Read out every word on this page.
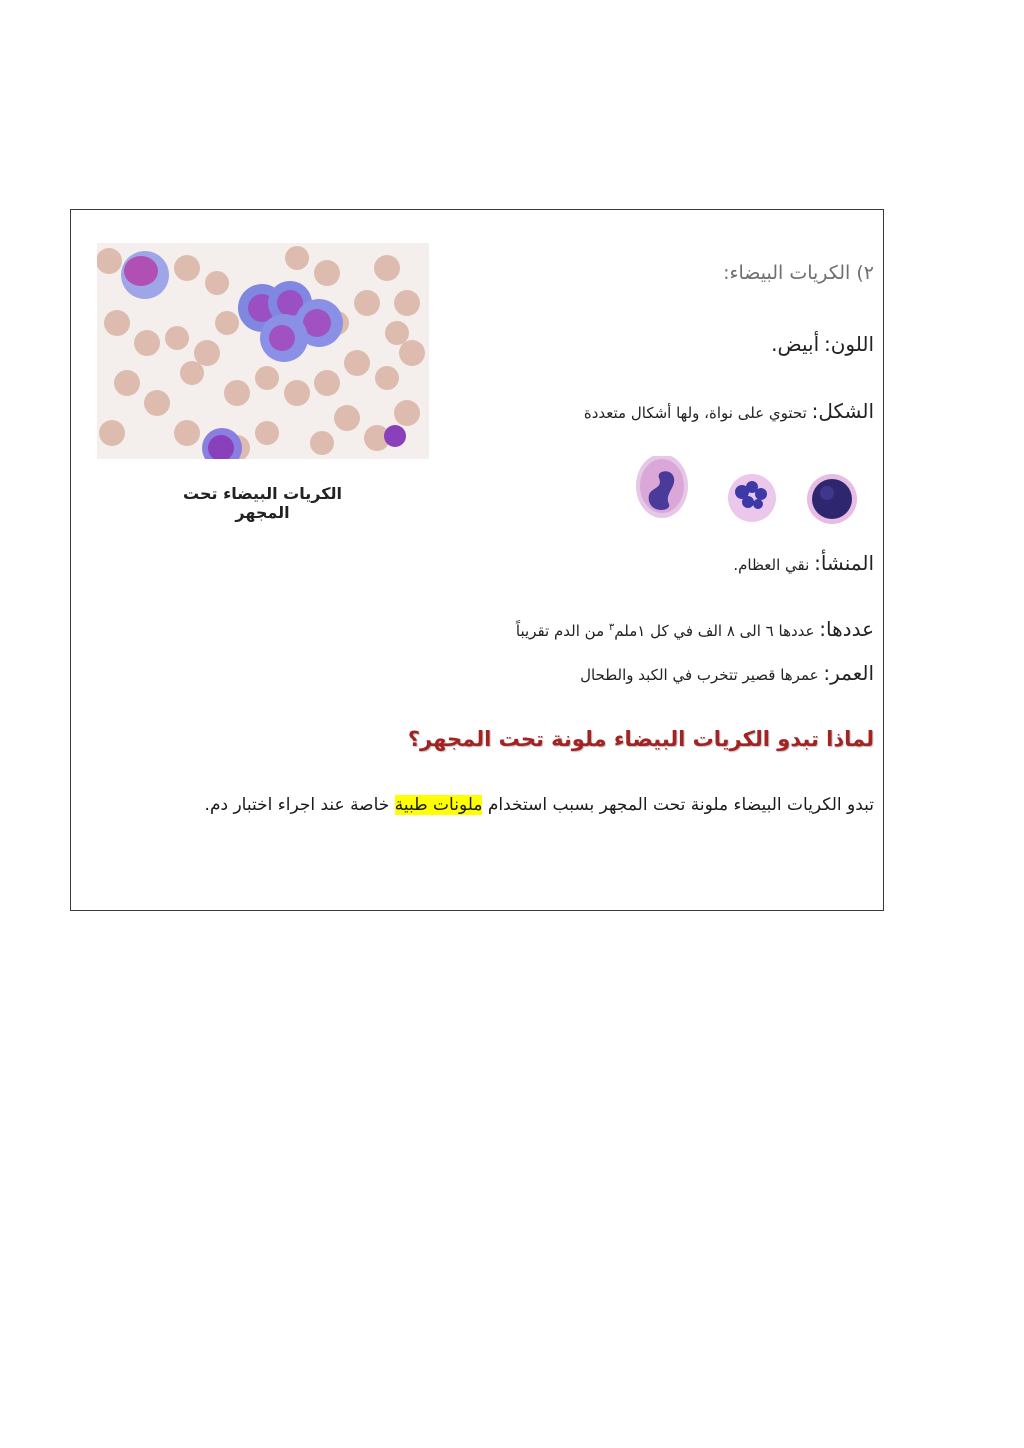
٢) الكريات البيضاء:
اللون: أبيض.
الشكل: تحتوي على نواة، ولها أشكال متعددة
المنشأ: نقي العظام.
عددها: عددها ٦ الى ٨ الف في كل ١ملم$^٣$ من الدم تقريباً
العمر: عمرها قصير تتخرب في الكبد والطحال
لماذا تبدو الكريات البيضاء ملونة تحت المجهر؟
تبدو الكريات البيضاء ملونة تحت المجهر بسبب استخدام ملونات طبية خاصة عند اجراء اختبار دم.
الكريات البيضاء تحت المجهر
